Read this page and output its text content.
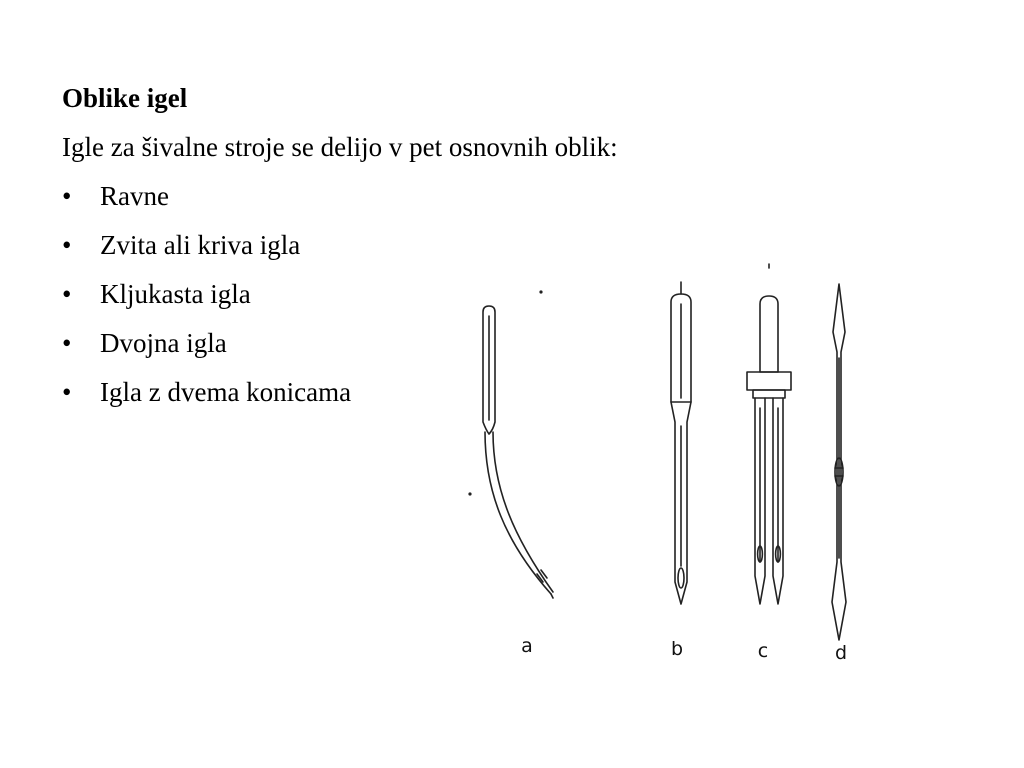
Oblike igel
Igle za šivalne stroje se delijo v pet osnovnih oblik:
• Ravne
• Zvita ali kriva igla
• Kljukasta igla
• Dvojna igla
• Igla z dvema konicama
a	b	c	d
